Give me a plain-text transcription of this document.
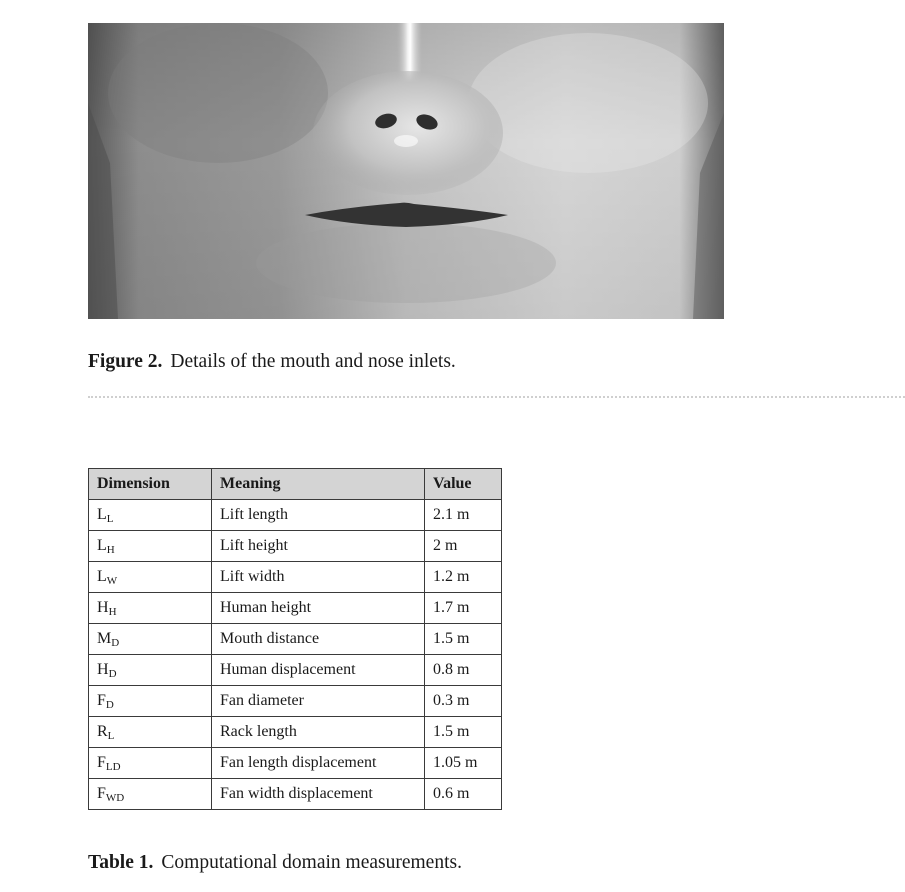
Figure 2. Details of the mouth and nose inlets.
Dimension	Meaning	Value
$L_L$	Lift length	2.1 m
$L_H$	Lift height	2 m
$L_W$	Lift width	1.2 m
$H_H$	Human height	1.7 m
$M_D$	Mouth distance	1.5 m
$H_D$	Human displacement	0.8 m
$F_D$	Fan diameter	0.3 m
$R_L$	Rack length	1.5 m
$F_{LD}$	Fan length displacement	1.05 m
$F_{WD}$	Fan width displacement	0.6 m
Table 1. Computational domain measurements.
